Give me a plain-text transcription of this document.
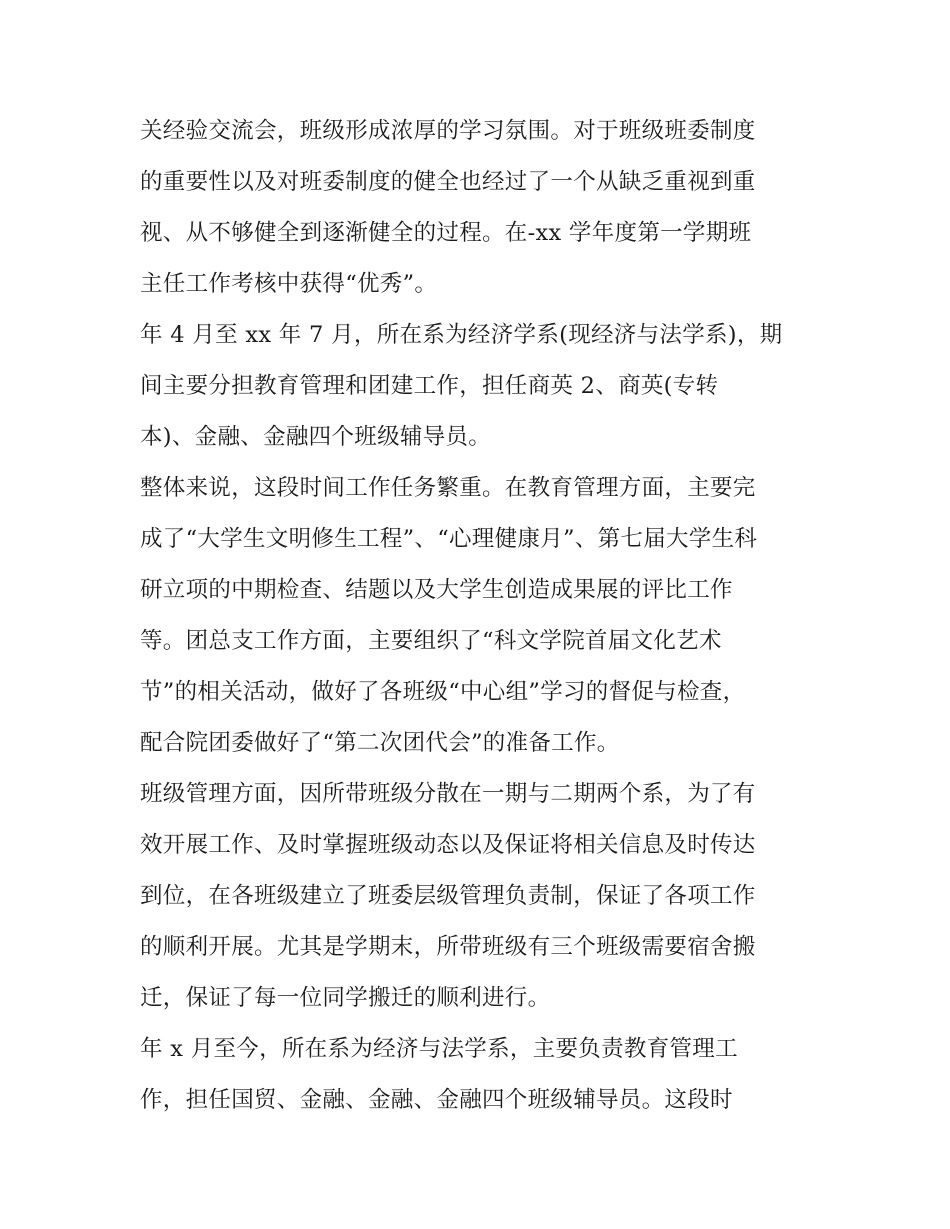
关经验交流会，班级形成浓厚的学习氛围。对于班级班委制度
的重要性以及对班委制度的健全也经过了一个从缺乏重视到重
视、从不够健全到逐渐健全的过程。在-xx 学年度第一学期班
主任工作考核中获得“优秀”。
年 4 月至 xx 年 7 月，所在系为经济学系(现经济与法学系)，期
间主要分担教育管理和团建工作，担任商英 2、商英(专转
本)、金融、金融四个班级辅导员。
整体来说，这段时间工作任务繁重。在教育管理方面，主要完
成了“大学生文明修生工程”、“心理健康月”、第七届大学生科
研立项的中期检查、结题以及大学生创造成果展的评比工作
等。团总支工作方面，主要组织了“科文学院首届文化艺术
节”的相关活动，做好了各班级“中心组”学习的督促与检查，
配合院团委做好了“第二次团代会”的准备工作。
班级管理方面，因所带班级分散在一期与二期两个系，为了有
效开展工作、及时掌握班级动态以及保证将相关信息及时传达
到位，在各班级建立了班委层级管理负责制，保证了各项工作
的顺利开展。尤其是学期末，所带班级有三个班级需要宿舍搬
迁，保证了每一位同学搬迁的顺利进行。
年 x 月至今，所在系为经济与法学系，主要负责教育管理工
作，担任国贸、金融、金融、金融四个班级辅导员。这段时
